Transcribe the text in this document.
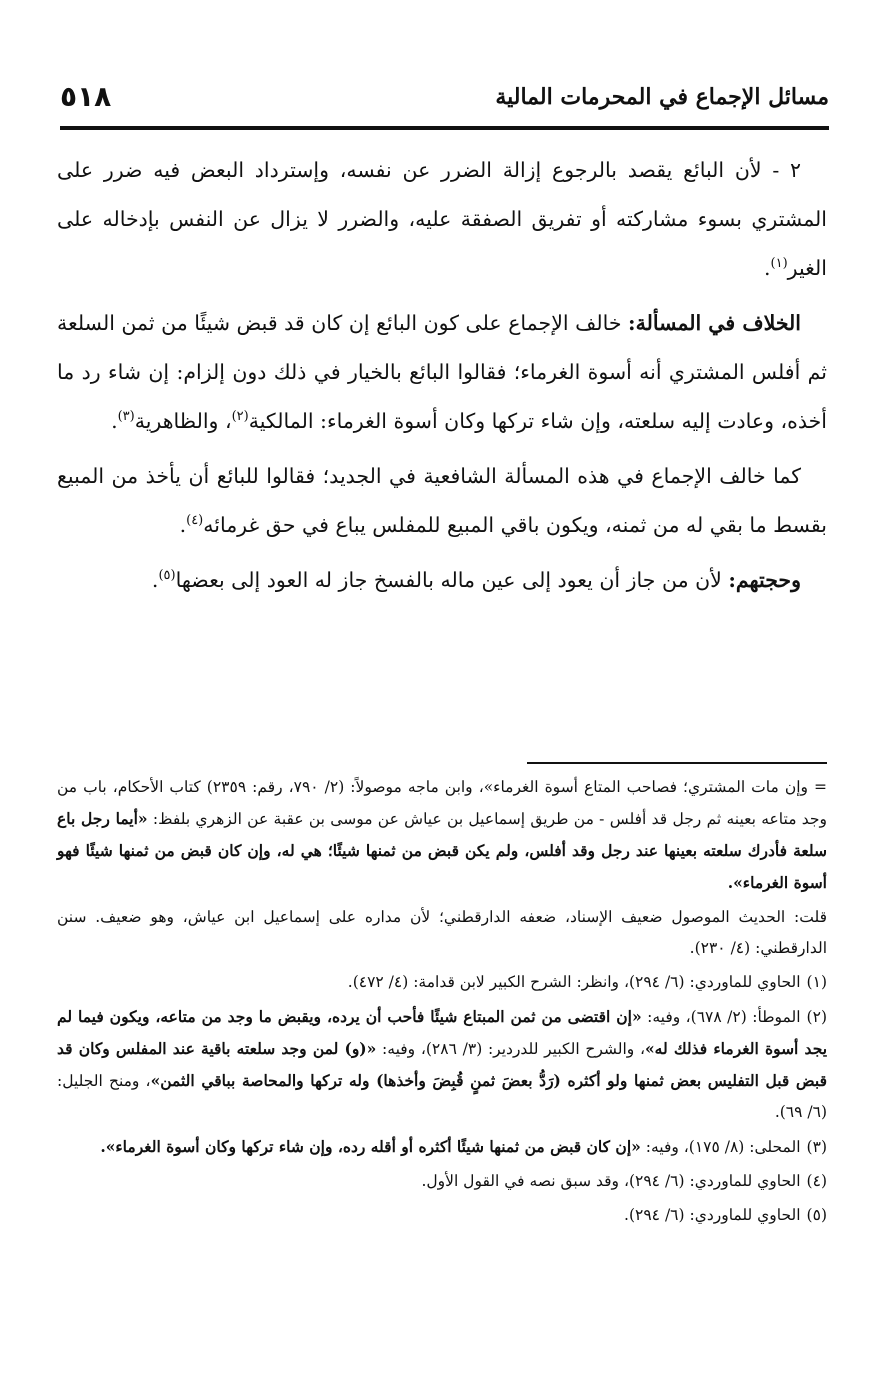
مسائل الإجماع في المحرمات المالية
٥١٨

٢ - لأن البائع يقصد بالرجوع إزالة الضرر عن نفسه، وإسترداد البعض فيه ضرر على المشتري بسوء مشاركته أو تفريق الصفقة عليه، والضرر لا يزال عن النفس بإدخاله على الغير$^{(١)}$.

الخلاف في المسألة: خالف الإجماع على كون البائع إن كان قد قبض شيئًا من ثمن السلعة ثم أفلس المشتري أنه أسوة الغرماء؛ فقالوا البائع بالخيار في ذلك دون إلزام: إن شاء رد ما أخذه، وعادت إليه سلعته، وإن شاء تركها وكان أسوة الغرماء: المالكية$^{(٢)}$، والظاهرية$^{(٣)}$.

كما خالف الإجماع في هذه المسألة الشافعية في الجديد؛ فقالوا للبائع أن يأخذ من المبيع بقسط ما بقي له من ثمنه، ويكون باقي المبيع للمفلس يباع في حق غرمائه$^{(٤)}$.

وحجتهم: لأن من جاز أن يعود إلى عين ماله بالفسخ جاز له العود إلى بعضها$^{(٥)}$.

= وإن مات المشتري؛ فصاحب المتاع أسوة الغرماء»، وابن ماجه موصولاً: (٢/ ٧٩٠، رقم: ٢٣٥٩) كتاب الأحكام، باب من وجد متاعه بعينه ثم رجل قد أفلس - من طريق إسماعيل بن عياش عن موسى بن عقبة عن الزهري بلفظ: «أيما رجل باع سلعة فأدرك سلعته بعينها عند رجل وقد أفلس، ولم يكن قبض من ثمنها شيئًا؛ هي له، وإن كان قبض من ثمنها شيئًا فهو أسوة الغرماء».

قلت: الحديث الموصول ضعيف الإسناد، ضعفه الدارقطني؛ لأن مداره على إسماعيل ابن عياش، وهو ضعيف. سنن الدارقطني: (٤/ ٢٣٠).

(١)الحاوي للماوردي: (٦/ ٢٩٤)، وانظر: الشرح الكبير لابن قدامة: (٤/ ٤٧٢).

(٢)الموطأ: (٢/ ٦٧٨)، وفيه: «إن اقتضى من ثمن المبتاع شيئًا فأحب أن يرده، ويقبض ما وجد من متاعه، ويكون فيما لم يجد أسوة الغرماء فذلك له»، والشرح الكبير للدردير: (٣/ ٢٨٦)، وفيه: «(و) لمن وجد سلعته باقية عند المفلس وكان قد قبض قبل التفليس بعض ثمنها ولو أكثره (رَدُّ بعضَ ثمنٍ قُبِضَ وأخذها) وله تركها والمحاصة بباقي الثمن»، ومنح الجليل: (٦/ ٦٩).

(٣)المحلى: (٨/ ١٧٥)، وفيه: «إن كان قبض من ثمنها شيئًا أكثره أو أقله رده، وإن شاء تركها وكان أسوة الغرماء».

(٤)الحاوي للماوردي: (٦/ ٢٩٤)، وقد سبق نصه في القول الأول.

(٥)الحاوي للماوردي: (٦/ ٢٩٤).
